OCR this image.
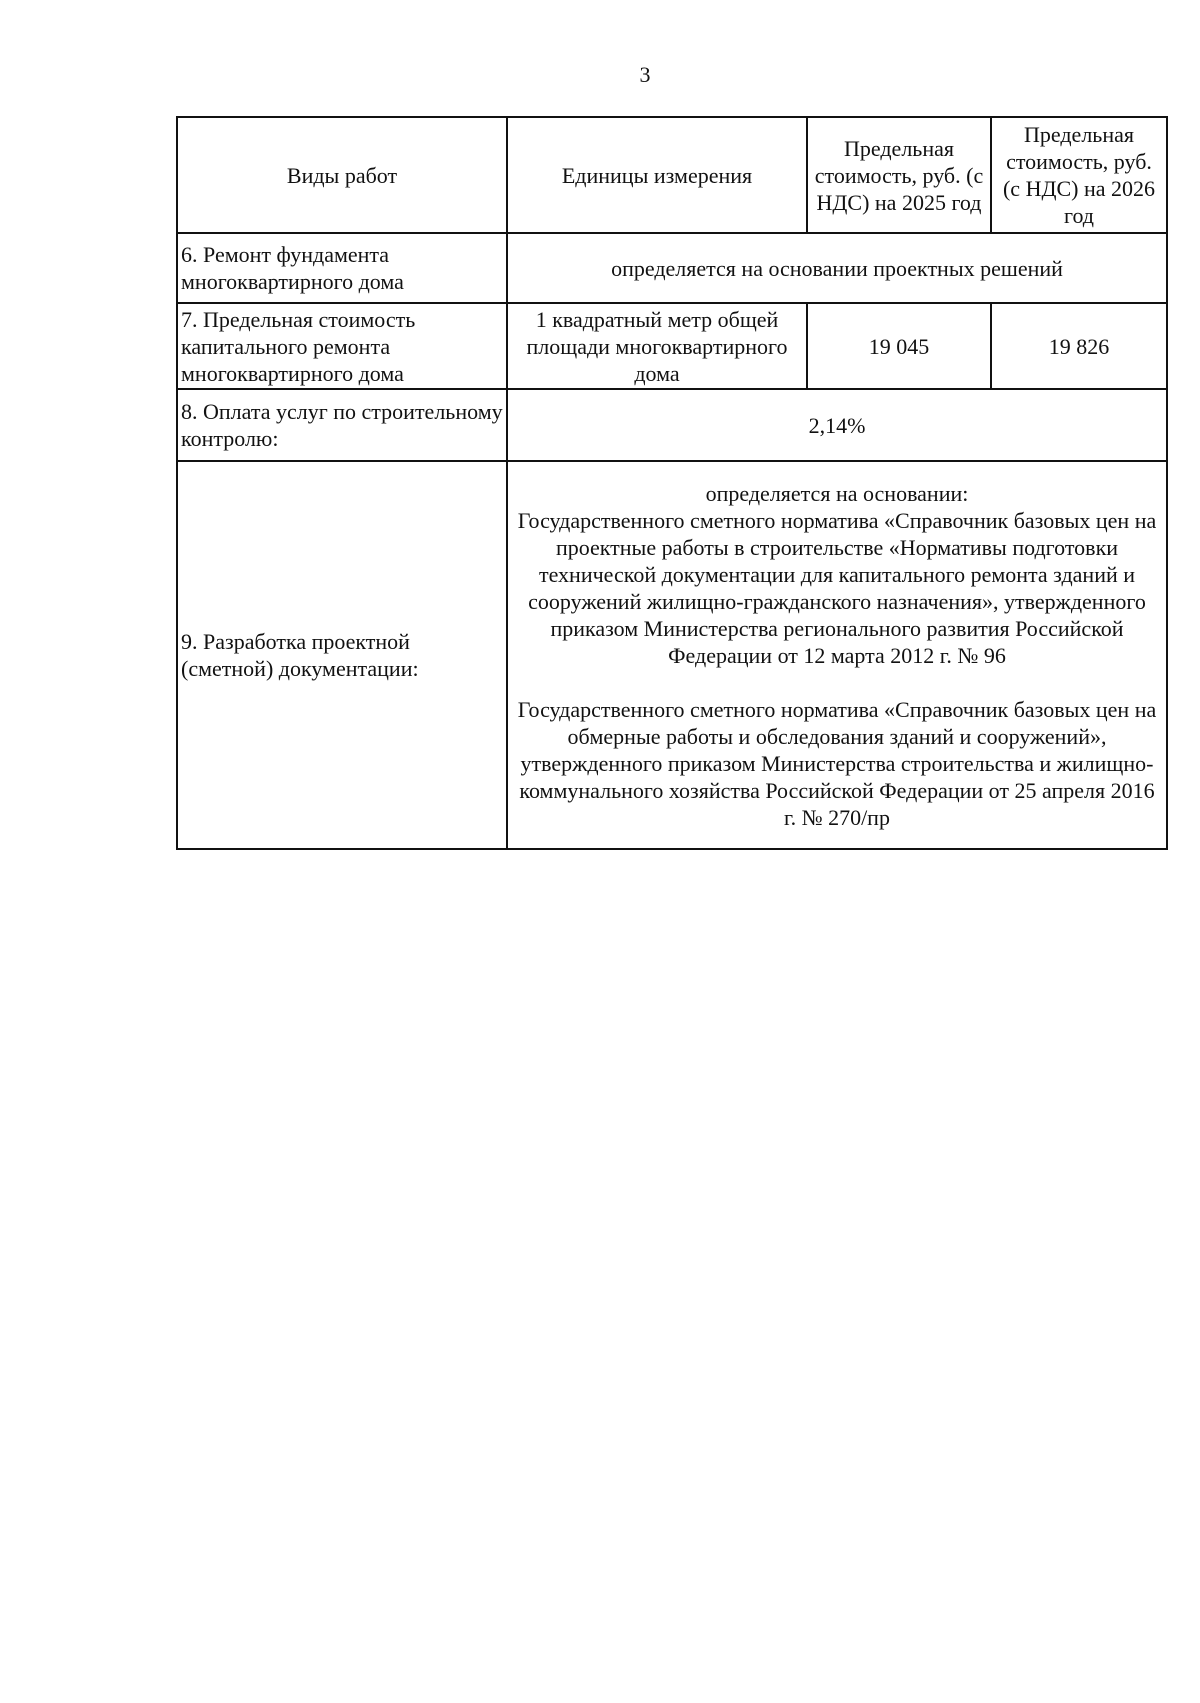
3
Виды работ	Единицы измерения	Предельная стоимость, руб. (с НДС) на 2025 год	Предельная стоимость, руб. (с НДС) на 2026 год
6. Ремонт фундамента многоквартирного дома	определяется на основании проектных решений		
7. Предельная стоимость капитального ремонта многоквартирного дома	1 квадратный метр общей площади многоквартирного дома	19 045	19 826
8. Оплата услуг по строительному контролю:	2,14%		
9. Разработка проектной (сметной) документации:	определяется на основании:
Государственного сметного норматива «Справочник базовых цен на проектные работы в строительстве «Нормативы подготовки технической документации для капитального ремонта зданий и сооружений жилищно-гражданского назначения», утвержденного приказом Министерства регионального развития Российской Федерации от 12 марта 2012 г. № 96
Государственного сметного норматива «Справочник базовых цен на обмерные работы и обследования зданий и сооружений», утвержденного приказом Министерства строительства и жилищно-коммунального хозяйства Российской Федерации от 25 апреля 2016 г. № 270/пр		
